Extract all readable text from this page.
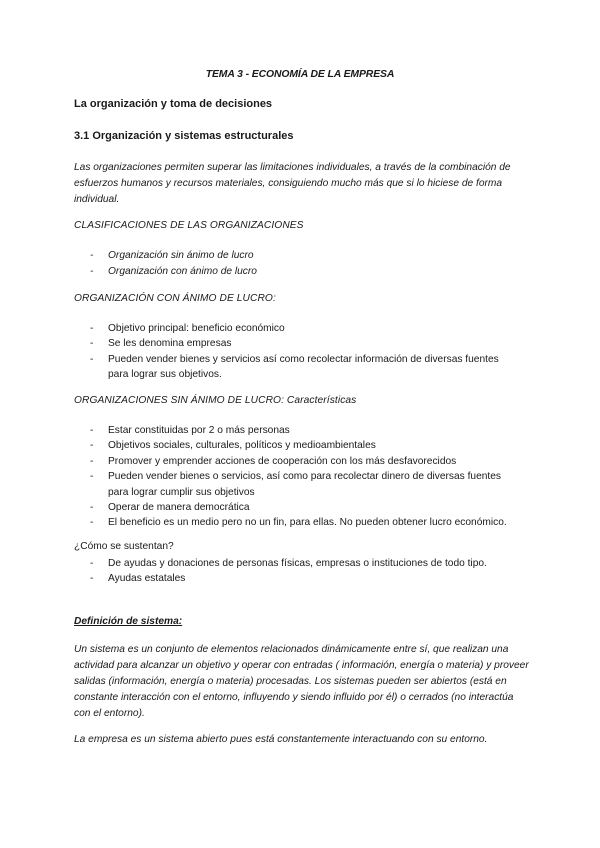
TEMA 3 - ECONOMÍA DE LA EMPRESA
La organización y toma de decisiones
3.1 Organización y sistemas estructurales
Las organizaciones permiten superar las limitaciones individuales, a través de la combinación de esfuerzos humanos y recursos materiales, consiguiendo mucho más que si lo hiciese de forma individual.
CLASIFICACIONES DE LAS ORGANIZACIONES
- Organización sin ánimo de lucro
- Organización con ánimo de lucro
ORGANIZACIÓN CON ÁNIMO DE LUCRO:
- Objetivo principal: beneficio económico
- Se les denomina empresas
- Pueden vender bienes y servicios así como recolectar información de diversas fuentes para lograr sus objetivos.
ORGANIZACIONES SIN ÁNIMO DE LUCRO: Características
- Estar constituidas por 2 o más personas
- Objetivos sociales, culturales, políticos y medioambientales
- Promover y emprender acciones de cooperación con los más desfavorecidos
- Pueden vender bienes o servicios, así como para recolectar dinero de diversas fuentes para lograr cumplir sus objetivos
- Operar de manera democrática
- El beneficio es un medio pero no un fin, para ellas. No pueden obtener lucro económico.
¿Cómo se sustentan?
- De ayudas y donaciones de personas físicas, empresas o instituciones de todo tipo.
- Ayudas estatales
Definición de sistema:
Un sistema es un conjunto de elementos relacionados dinámicamente entre sí, que realizan una actividad para alcanzar un objetivo y operar con entradas ( información, energía o materia) y proveer salidas (información, energía o materia) procesadas. Los sistemas pueden ser abiertos (está en constante interacción con el entorno, influyendo y siendo influido por él) o cerrados (no interactúa con el entorno).
La empresa es un sistema abierto pues está constantemente interactuando con su entorno.
